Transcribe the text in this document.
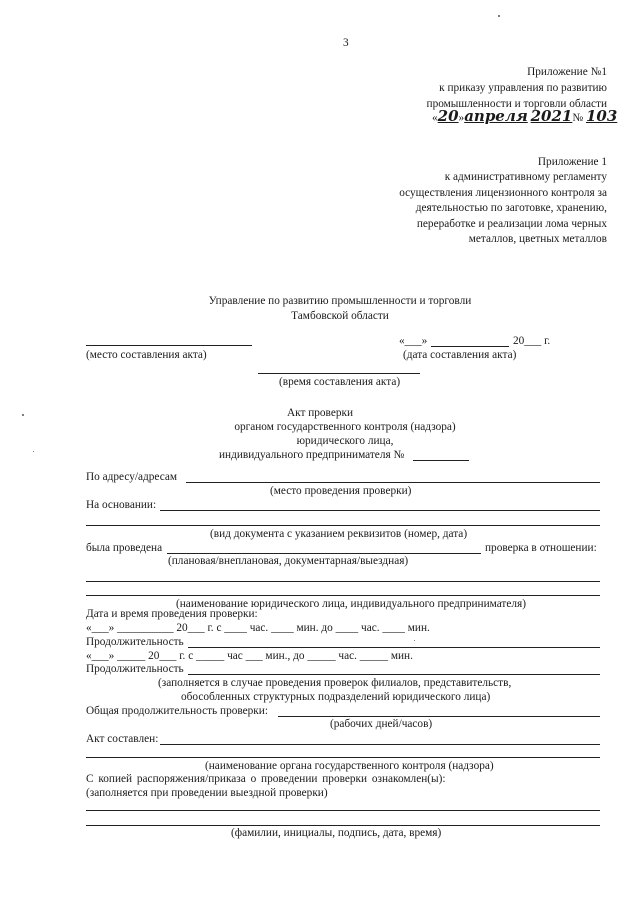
3
Приложение №1
к приказу управления по развитию
промышленности и торговли области
«20»апреля 2021№ 103
Приложение 1
к административному регламенту
осуществления лицензионного контроля за
деятельностью по заготовке, хранению,
переработке и реализации лома черных
металлов, цветных металлов
Управление по развитию промышленности и торговли
Тамбовской области
(место составления акта)
«___»	20___ г.
(дата составления акта)
(время составления акта)
Акт проверки
органом государственного контроля (надзора)
юридического лица,
индивидуального предпринимателя №
По адресу/адресам
(место проведения проверки)
На основании:
(вид документа с указанием реквизитов (номер, дата)
была проведена	проверка в отношении:
(плановая/внеплановая, документарная/выездная)
(наименование юридического лица, индивидуального предпринимателя)
Дата и время проведения проверки:
«___» __________ 20___ г. с ____ час. ____ мин. до ____ час. ____ мин.
Продолжительность
«___» _____ 20___ г. с _____ час ___ мин., до _____ час. _____ мин.
Продолжительность
(заполняется в случае проведения проверок филиалов, представительств,
обособленных структурных подразделений юридического лица)
Общая продолжительность проверки:
(рабочих дней/часов)
Акт составлен:
(наименование органа государственного контроля (надзора)
С копией распоряжения/приказа о проведении проверки ознакомлен(ы):
(заполняется при проведении выездной проверки)
(фамилии, инициалы, подпись, дата, время)
